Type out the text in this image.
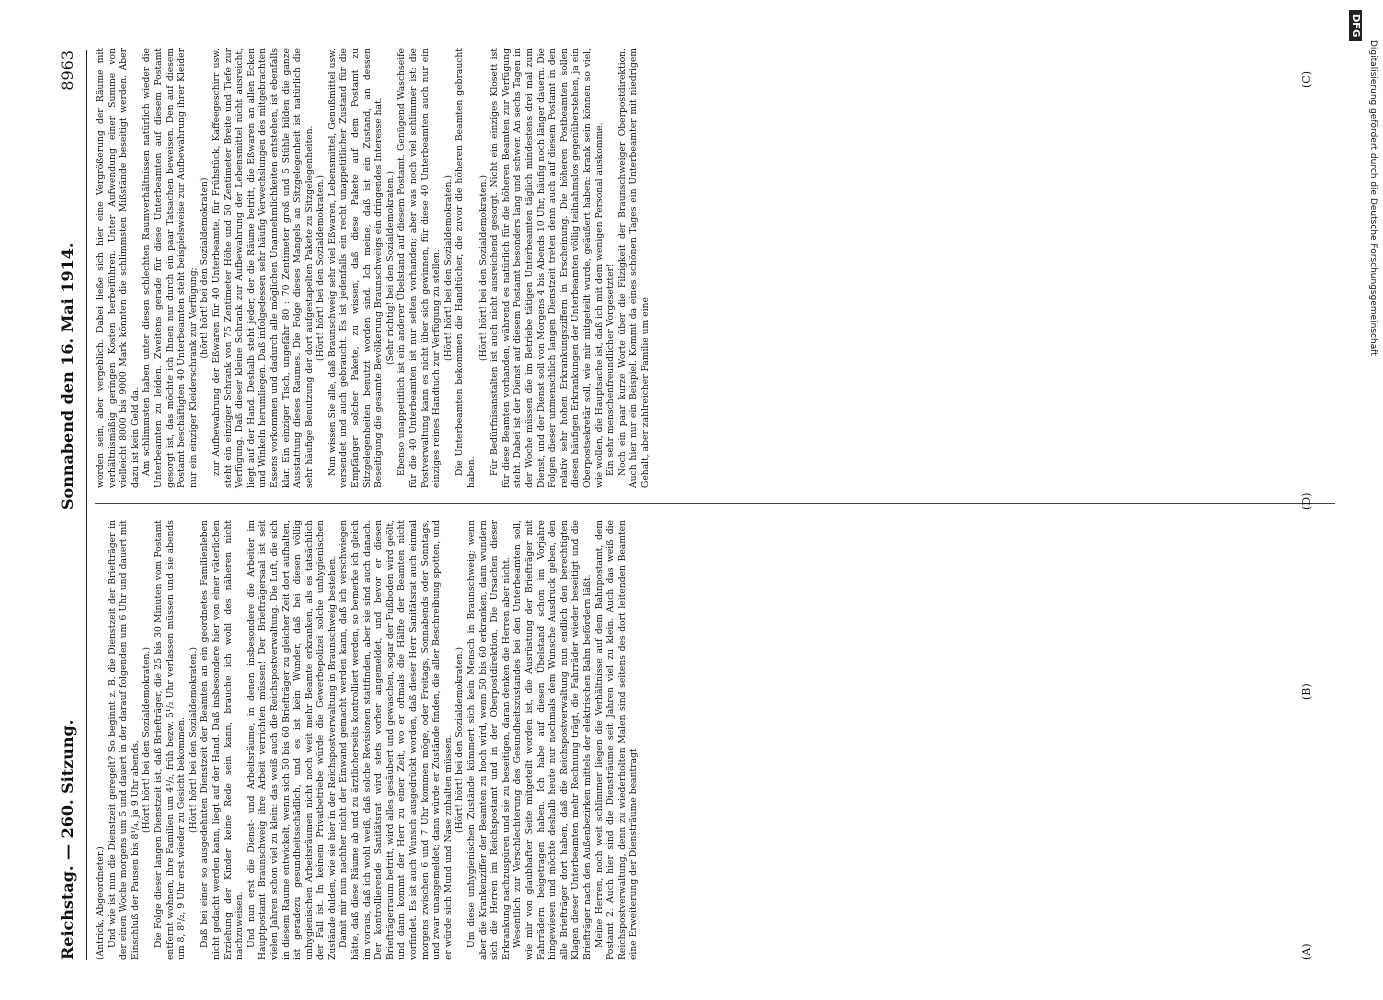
Reichstag. — 260. Sitzung.
Sonnabend den 16. Mai 1914.
8963

(Antrick, Abgeordneter.) Und wie ist nun die Dienstzeit geregelt? So beginnt z. B. die Dienstzeit der Briefträger in der einen Woche morgens um 5 und dauert in der darauf folgenden um 6 Uhr und dauert mit Einschluß der Pausen bis 8¹/₄, ja 9 Uhr abends.

(Hört! hört! bei den Sozialdemokraten.) Die Folge dieser langen Dienstzeit ist, daß Briefträger, die 25 bis 30 Minuten vom Postamt entfernt wohnen, ihre Familien um 4¹/₂, früh bezw. 5¹/₂ Uhr verlassen müssen und sie abends um 8, 8¹/₂, 9 Uhr erst wieder zu Gesicht bekommen. (Hört! hört! bei den Sozialdemokraten.) Daß bei einer so ausgedehnten Dienstzeit der Beamten an ein geordnetes Familienleben nicht gedacht werden kann, liegt auf der Hand. Daß insbesondere hier von einer väterlichen Erziehung der Kinder keine Rede sein kann, brauche ich wohl des näheren nicht nachzuweisen. Und nun erst die Dienst- und Arbeitsräume, in denen insbesondere die Arbeiter im Hauptpostamt Braunschweig ihre Arbeit verrichten müssen! Der Briefträgersaal ist seit vielen Jahren schon viel zu klein: das weiß auch die Reichspostverwaltung. Die Luft, die sich in diesem Raume entwickelt, wenn sich 50 bis 60 Briefträger zu gleicher Zeit dort aufhalten, ist geradezu gesundheitsschädlich, und es ist kein Wunder, daß bei diesen völlig unhygienischen Arbeitsräumen nicht noch weit mehr Beamte erkranken, als es tatsächlich der Fall ist. In keinem Privatbetriebe würde die Gewerbepolizei solche unhygienischen Zustände dulden, wie sie hier in der Reichspostverwaltung in Braunschweig bestehen. Damit mir nun nachher nicht der Einwand gemacht werden kann, daß ich verschwiegen hätte, daß diese Räume ab und zu ärztlicherseits kontrolliert werden, so bemerke ich gleich im voraus, daß ich wohl weiß, daß solche Revisionen stattfinden, aber sie sind auch danach. Der kontrollierende Sanitätsrat wird stets vorher angemeldet, und bevor er diesen Briefträgerraum betritt, wird alles gesäubert und gewaschen, sogar der Fußboden wird geölt, und dann kommt der Herr zu einer Zeit, wo er oftmals die Hälfte der Beamten nicht vorfindet. Es ist auch Wunsch ausgedrückt worden, daß dieser Herr Sanitätsrat auch einmal morgens zwischen 6 und 7 Uhr kommen möge, oder Freitags, Sonnabends oder Sonntags, und zwar unangemeldet; dann würde er Zustände finden, die aller Beschreibung spotten, und er würde sich Mund und Nase zuhalten müssen. (Hört! hört! bei den Sozialdemokraten.) Um diese unhygienischen Zustände kümmert sich kein Mensch in Braunschweig; wenn aber die Krankenziffer der Beamten zu hoch wird, wenn 50 bis 60 erkranken, dann wundern sich die Herren im Reichspostamt und in der Oberpostdirektion. Die Ursachen dieser Erkrankung nachzuspüren und sie zu beseitigen, daran denken die Herren aber nicht. Wesentlich zur Verschlechterung des Gesundheitszustandes bei den Unterbeamten soll, wie mir von glaubhafter Seite mitgeteilt worden ist, die Ausrüstung der Briefträger mit Fahrrädern beigetragen haben. Ich habe auf diesen Übelstand schon im Vorjahre hingewiesen und möchte deshalb heute nur nochmals dem Wunsche Ausdruck geben, den alle Briefträger dort haben, daß die Reichspostverwaltung nun endlich den berechtigten Klagen dieser Unterbeamten mehr Rechnung trägt, die Fahrräder wieder beseitigt und die Briefträger nach den Außenbezirken mittels der elektrischen Bahn befördern läßt. Meine Herren, noch weit schlimmer liegen die Verhältnisse auf dem Bahnpostamt, dem Postamt 2. Auch hier sind die Diensträume seit Jahren viel zu klein. Auch das weiß die Reichspostverwaltung, denn zu wiederholten Malen sind seitens des dort leitenden Beamten eine Erweiterung der Diensträume beantragt

worden sein, aber vergeblich. Dabei ließe sich hier eine Vergrößerung der Räume mit verhältnismäßig geringen Kosten herbeiführen. Unter Aufwendung einer Summe von vielleicht 8000 bis 9000 Mark könnten die schlimmsten Mißstände beseitigt werden. Aber dazu ist kein Geld da. Am schlimmsten haben unter diesen schlechten Raumverhältnissen natürlich wieder die Unterbeamten zu leiden. Zweitens gerade für diese Unterbeamten auf diesem Postamt gesorgt ist, das möchte ich Ihnen nur durch ein paar Tatsachen beweisen. Den auf diesem Postamt beschäftigten 40 Unterbeamten steht beispielsweise zur Aufbewahrung ihrer Kleider nur ein einziger Kleiderschrank zur Verfügung; (hört! hört! bei den Sozialdemokraten) zur Aufbewahrung der Eßwaren für 40 Unterbeamte, für Frühstück, Kaffeegeschirr usw. steht ein einziger Schrank von 75 Zentimeter Höhe und 50 Zentimeter Breite und Tiefe zur Verfügung. Daß dieser kleine Schrank zur Aufbewahrung der Lebensmittel nicht ausreicht, liegt auf der Hand. Deshalb steht jeder, der die Räume betritt, die Eßwaren an allen Ecken und Winkeln herumliegen. Daß infolgedessen sehr häufig Verwechslungen des mitgebrachten Essens vorkommen und dadurch alle möglichen Unannehmlichkeiten entstehen, ist ebenfalls klar. Ein einziger Tisch, ungefähr 80 : 70 Zentimeter groß und 5 Stühle bilden die ganze Ausstattung dieses Raumes. Die Folge dieses Mangels an Sitzgelegenheit ist natürlich die sehr häufige Benutzung der dort aufgestapelten Pakete zu Sitzgelegenheiten. (Hört! hört! bei den Sozialdemokraten.) Nun wissen Sie alle, daß Braunschweig sehr viel Eßwaren, Lebensmittel, Genußmittel usw. versendet und auch gebraucht. Es ist jedenfalls ein recht unappetitlicher Zustand für die Empfänger solcher Pakete, zu wissen, daß diese Pakete auf dem Postamt zu Sitzgelegenheiten benutzt worden sind. Ich meine, daß ist ein Zustand, an dessen Beseitigung die gesamte Bevölkerung Braunschweigs ein dringendes Interesse hat. (Sehr richtig! bei den Sozialdemokraten.) Ebenso unappetitlich ist ein anderer Übelstand auf diesem Postamt. Genügend Waschseife für die 40 Unterbeamten ist nur selten vorhanden; aber was noch viel schlimmer ist: die Postverwaltung kann es nicht über sich gewinnen, für diese 40 Unterbeamten auch nur ein einziges reines Handtuch zur Verfügung zu stellen. (Hört! hört! bei den Sozialdemokraten.) Die Unterbeamten bekommen die Handtücher, die zuvor die höheren Beamten gebraucht haben.

(Hört! hört! bei den Sozialdemokraten.) Für Bedürfnisanstalten ist auch nicht ausreichend gesorgt. Nicht ein einziges Klosett ist für diese Beamten vorhanden, während es natürlich für die höheren Beamten zur Verfügung steht. Dabei ist der Dienst auf diesem Postamt besonders lang und schwer. An sechs Tagen in der Woche müssen die im Betriebe tätigen Unterbeamten täglich mindestens drei mal zum Dienst, und der Dienst soll von Morgens 4 bis Abends 10 Uhr, häufig noch länger dauern. Die Folgen dieser unmenschlich langen Dienstzeit treten denn auch auf diesem Postamt in den relativ sehr hohen Erkrankungsziffern in Erscheinung. Die höheren Postbeamten sollen diesen häufigen Erkrankungen der Unterbeamten völlig teilnahmslos gegenüberstehen, ja ein Oberpostsekretär soll, wie mir mitgeteilt wurde, geäußert haben: krank sein können so viel, wie wollen, die Hauptsache ist, daß ich mit dem wenigen Personal auskomme. Ein sehr menschenfreundlicher Vorgesetzter! Noch ein paar kurze Worte über die Filzigkeit der Braunschweiger Oberpostdirektion. Auch hier nur ein Beispiel. Kommt da eines schönen Tages ein Unterbeamter mit niedrigem Gehalt, aber zahlreicher Familie um eine

(A)
(B)
(C)
(D)
DFG
Digitalisierung gefördert durch die Deutsche Forschungsgemeinschaft
